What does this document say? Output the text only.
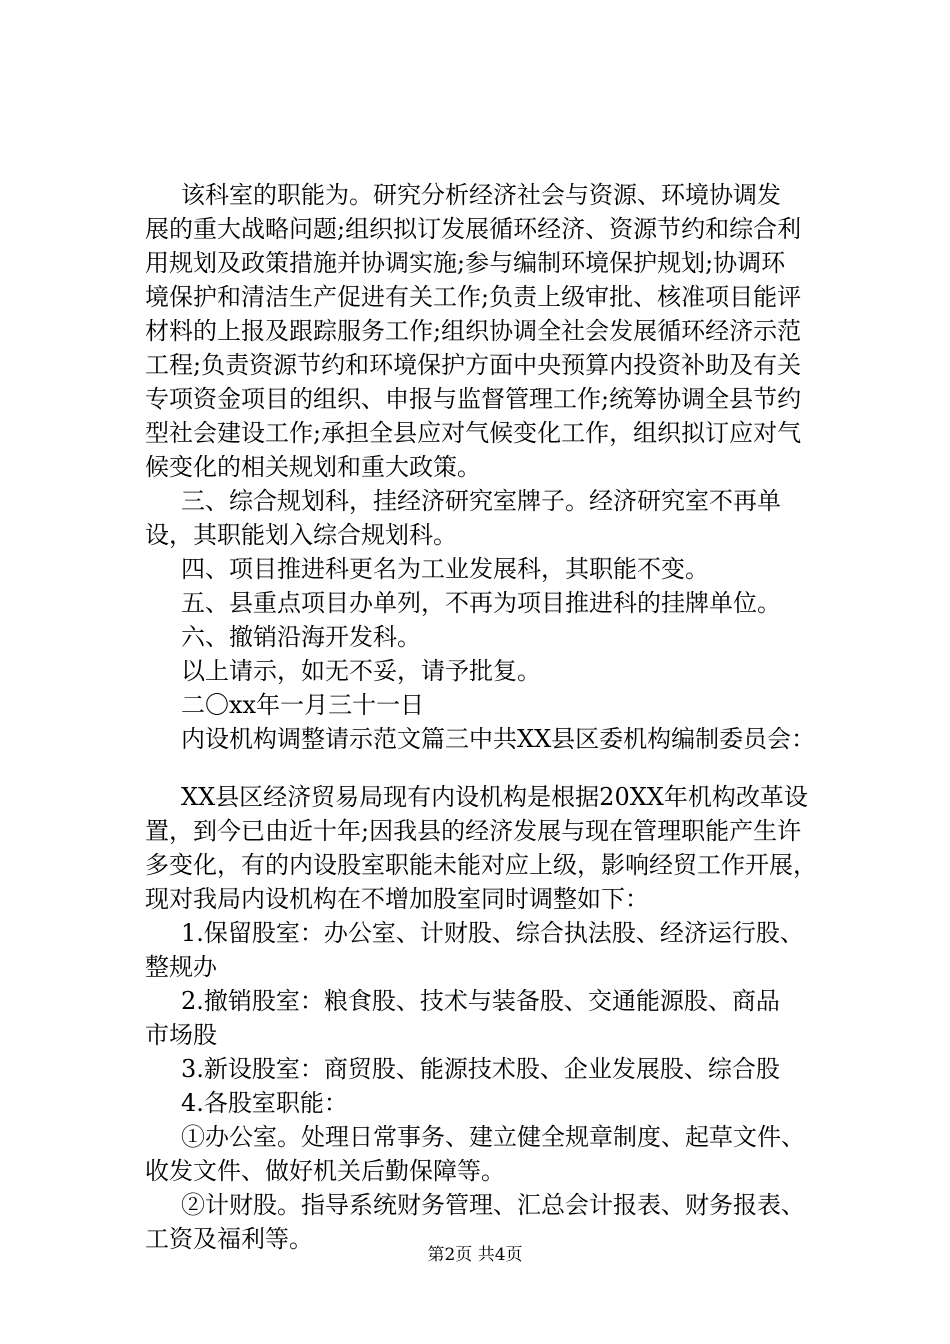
该科室的职能为。研究分析经济社会与资源、环境协调发
展的重大战略问题;组织拟订发展循环经济、资源节约和综合利
用规划及政策措施并协调实施;参与编制环境保护规划;协调环
境保护和清洁生产促进有关工作;负责上级审批、核准项目能评
材料的上报及跟踪服务工作;组织协调全社会发展循环经济示范
工程;负责资源节约和环境保护方面中央预算内投资补助及有关
专项资金项目的组织、申报与监督管理工作;统筹协调全县节约
型社会建设工作;承担全县应对气候变化工作，组织拟订应对气
候变化的相关规划和重大政策。
三、综合规划科，挂经济研究室牌子。经济研究室不再单
设，其职能划入综合规划科。
四、项目推进科更名为工业发展科，其职能不变。
五、县重点项目办单列，不再为项目推进科的挂牌单位。
六、撤销沿海开发科。
以上请示，如无不妥，请予批复。
二〇xx年一月三十一日
内设机构调整请示范文篇三中共XX县区委机构编制委员会：
XX县区经济贸易局现有内设机构是根据20XX年机构改革设
置，到今已由近十年;因我县的经济发展与现在管理职能产生许
多变化，有的内设股室职能未能对应上级，影响经贸工作开展，
现对我局内设机构在不增加股室同时调整如下：
1.保留股室：办公室、计财股、综合执法股、经济运行股、
整规办
2.撤销股室：粮食股、技术与装备股、交通能源股、商品
市场股
3.新设股室：商贸股、能源技术股、企业发展股、综合股
4.各股室职能：
①办公室。处理日常事务、建立健全规章制度、起草文件、
收发文件、做好机关后勤保障等。
②计财股。指导系统财务管理、汇总会计报表、财务报表、
工资及福利等。
第2页 共4页
